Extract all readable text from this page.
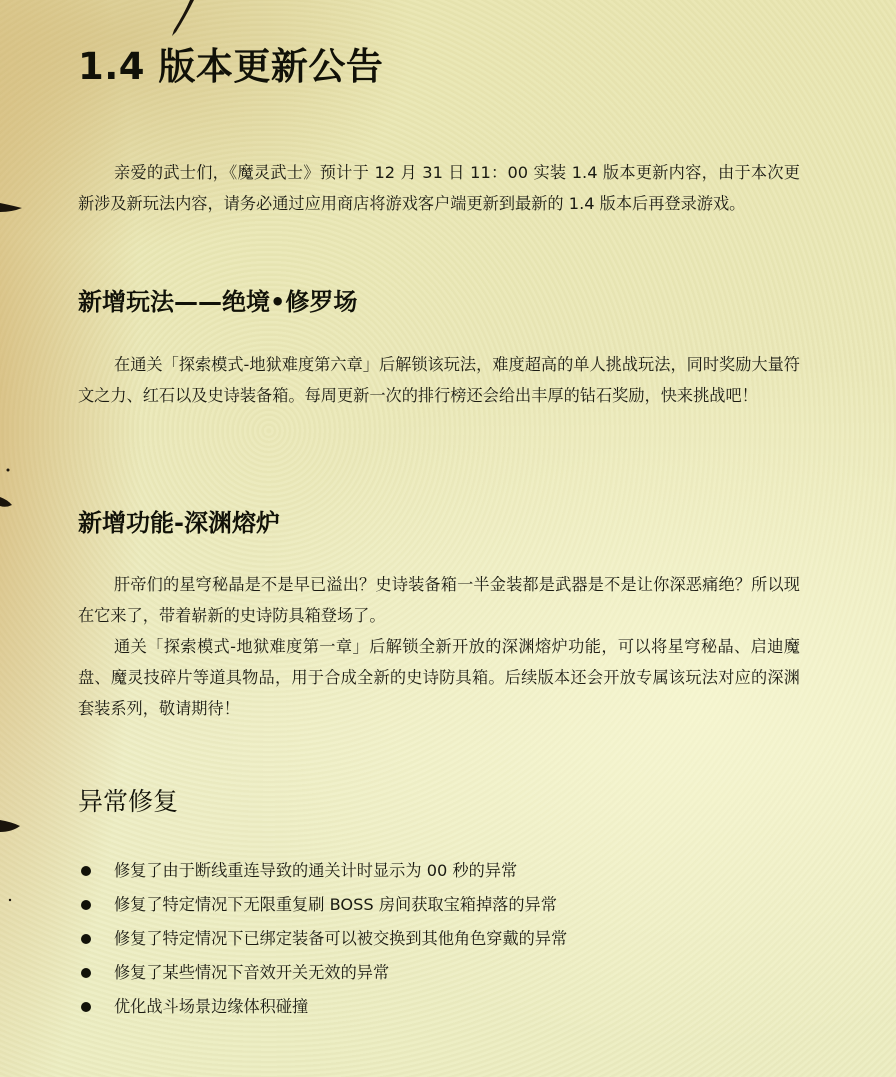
1.4 版本更新公告

亲爱的武士们，《魔灵武士》预计于 12 月 31 日 11：00 实装 1.4 版本更新内容，由于本次更新涉及新玩法内容，请务必通过应用商店将游戏客户端更新到最新的 1.4 版本后再登录游戏。

新增玩法——绝境•修罗场

在通关「探索模式-地狱难度第六章」后解锁该玩法，难度超高的单人挑战玩法，同时奖励大量符文之力、红石以及史诗装备箱。每周更新一次的排行榜还会给出丰厚的钻石奖励，快来挑战吧！

新增功能-深渊熔炉

肝帝们的星穹秘晶是不是早已溢出？史诗装备箱一半金装都是武器是不是让你深恶痛绝？所以现在它来了，带着崭新的史诗防具箱登场了。

通关「探索模式-地狱难度第一章」后解锁全新开放的深渊熔炉功能，可以将星穹秘晶、启迪魔盘、魔灵技碎片等道具物品，用于合成全新的史诗防具箱。后续版本还会开放专属该玩法对应的深渊套装系列，敬请期待！

异常修复
修复了由于断线重连导致的通关计时显示为 00 秒的异常
修复了特定情况下无限重复刷 BOSS 房间获取宝箱掉落的异常
修复了特定情况下已绑定装备可以被交换到其他角色穿戴的异常
修复了某些情况下音效开关无效的异常
优化战斗场景边缘体积碰撞
